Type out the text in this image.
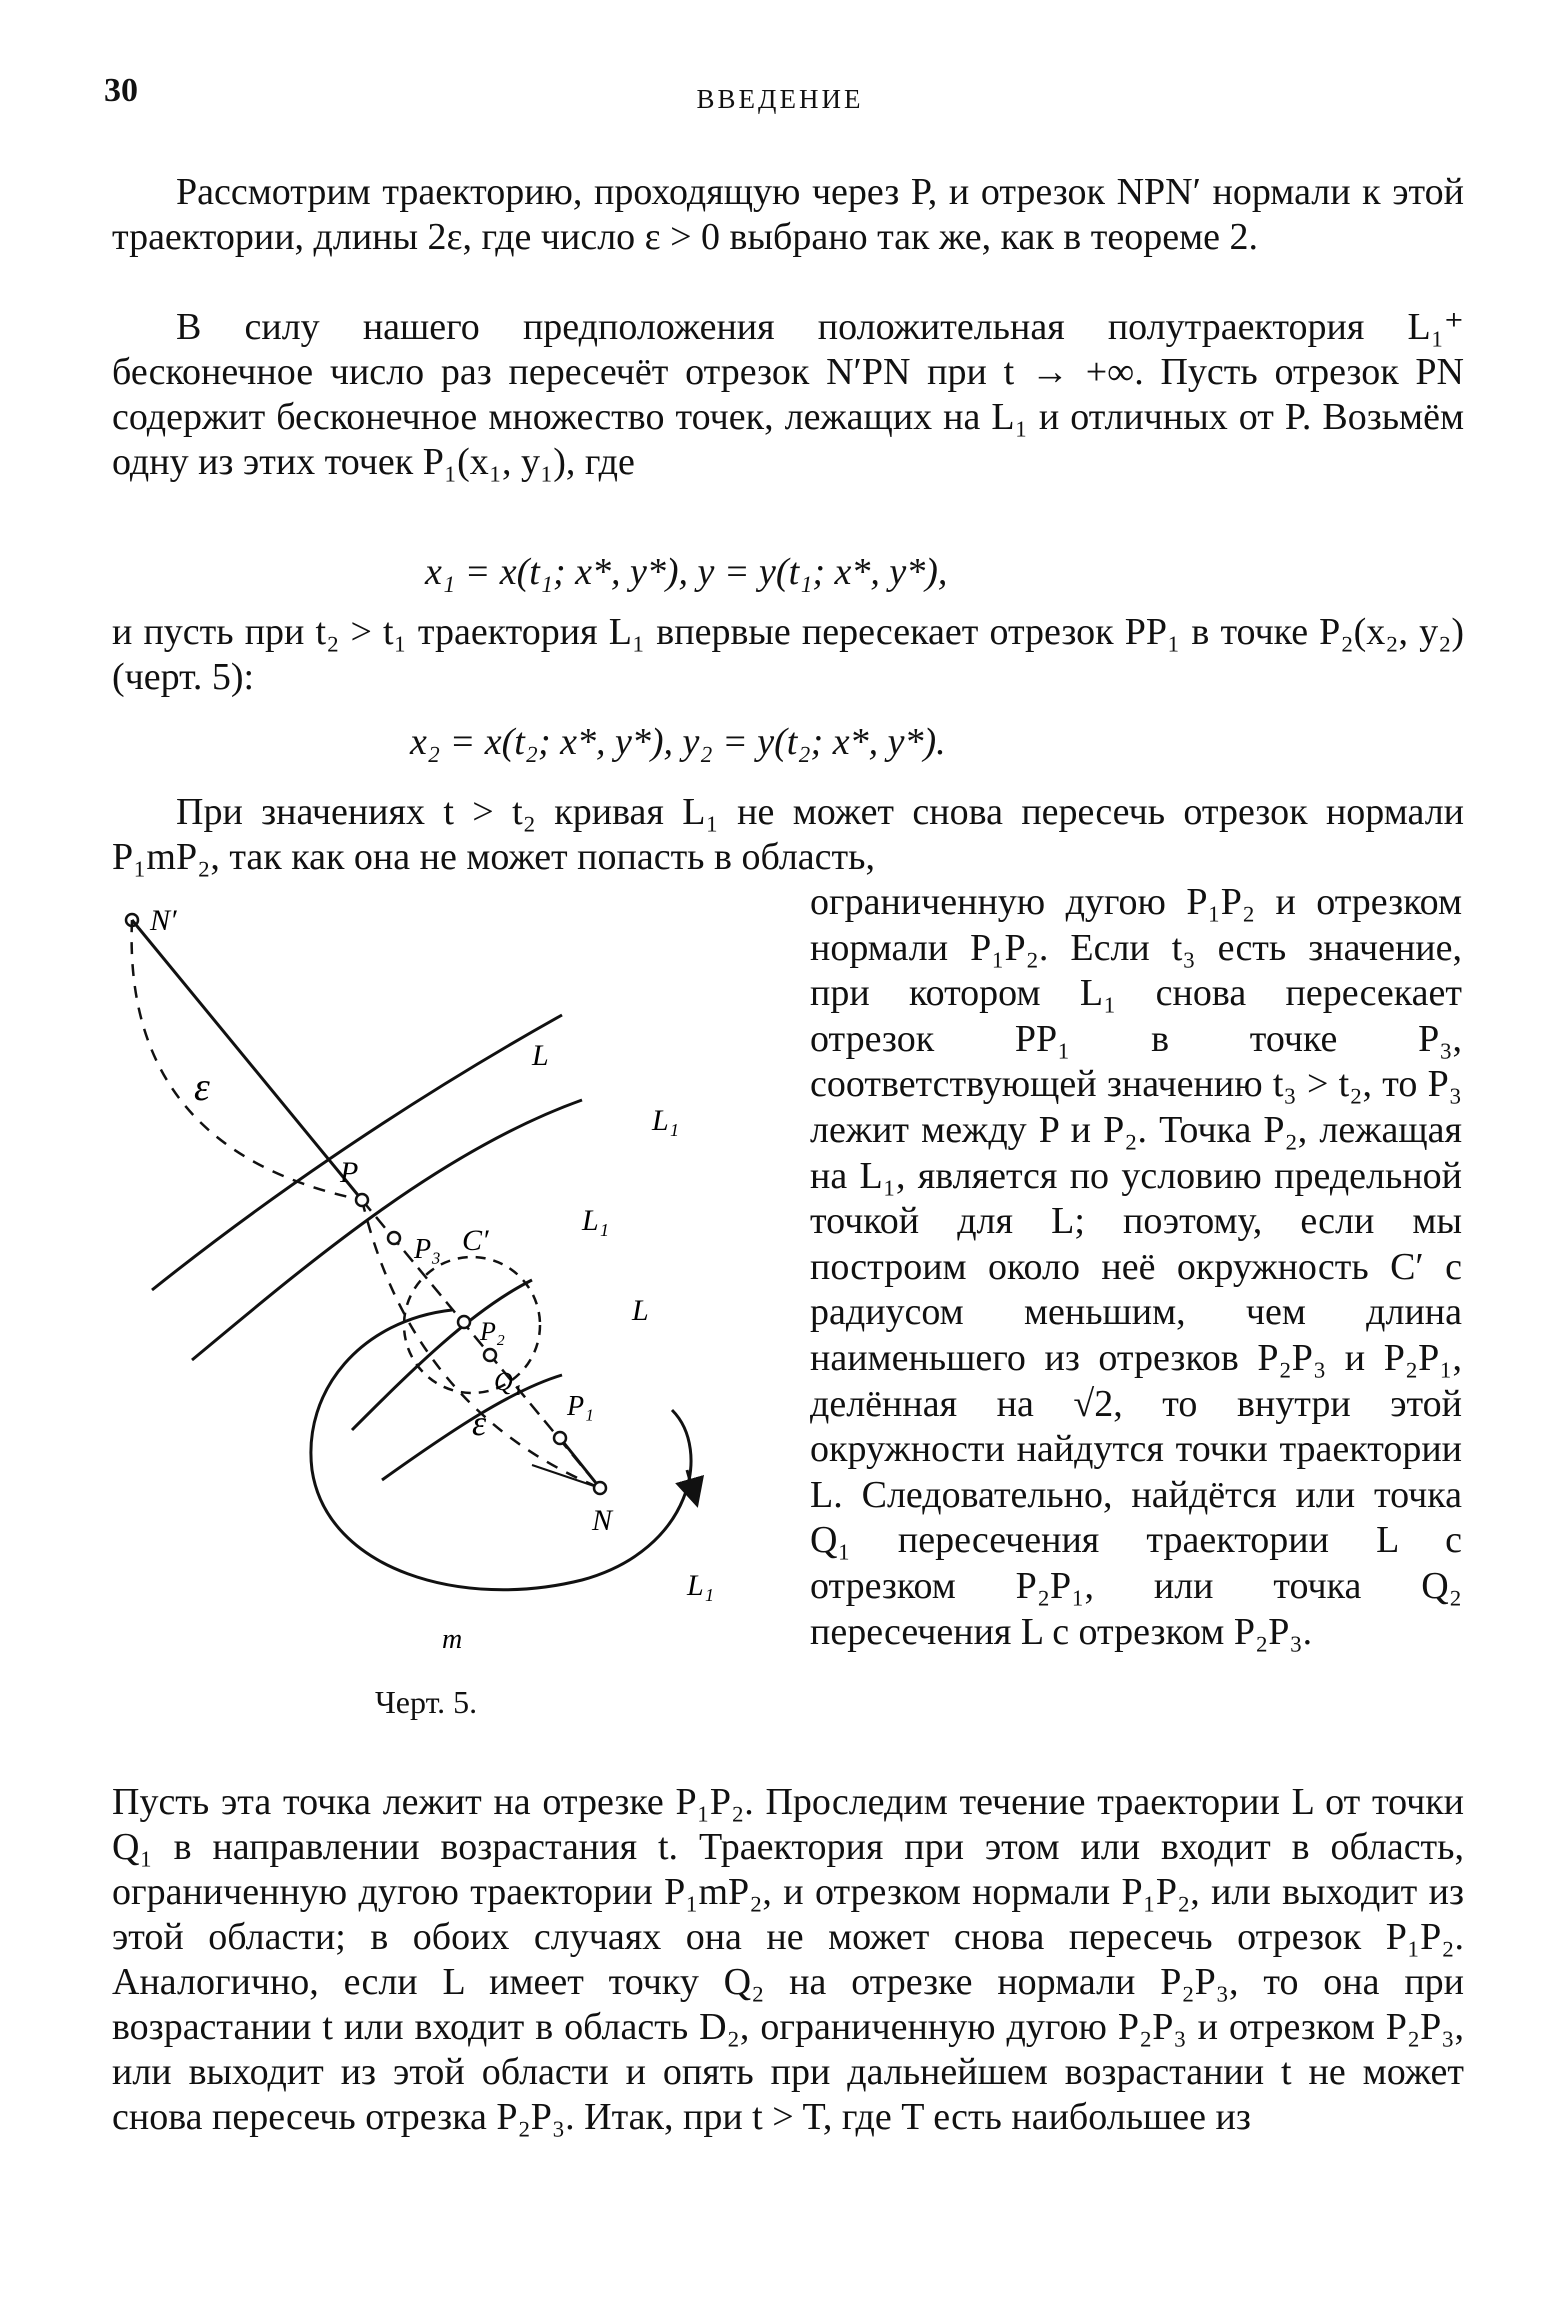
30	ВВЕДЕНИЕ
Рассмотрим траекторию, проходящую через P, и отрезок NPN′ нормали к этой траектории, длины 2ε, где число ε > 0 выбрано так же, как в теореме 2.
В силу нашего предположения положительная полутраектория L₁⁺ бесконечное число раз пересечёт отрезок N′PN при t → +∞. Пусть отрезок PN содержит бесконечное множество точек, лежащих на L₁ и отличных от P. Возьмём одну из этих точек P₁(x₁, y₁), где
x₁ = x(t₁; x*, y*), y = y(t₁; x*, y*),
и пусть при t₂ > t₁ траектория L₁ впервые пересекает отрезок PP₁ в точке P₂(x₂, y₂) (черт. 5):
x₂ = x(t₂; x*, y*), y₂ = y(t₂; x*, y*).
При значениях t > t₂ кривая L₁ не может снова пересечь отрезок нормали P₁mP₂, так как она не может попасть в область,
ограниченную дугою P₁P₂ и отрезком нормали P₁P₂. Если t₃ есть значение, при котором L₁ снова пересекает отрезок PP₁ в точке P₃, соответствующей значению t₃ > t₂, то P₃ лежит между P и P₂. Точка P₂, лежащая на L₁, является по условию предельной точкой для L; поэтому, если мы построим около неё окружность C′ с радиусом меньшим, чем длина наименьшего из отрезков P₂P₃ и P₂P₁, делённая на √2, то внутри этой окружности найдутся точки траектории L. Следовательно, найдётся или точка Q₁ пересечения траектории L с отрезком P₂P₁, или точка Q₂ пересечения L с отрезком P₂P₃.
N′
ε
L
L₁
P
P₃ C′
L₁
L
P₂
Q₁
ε	P₁
N
L₁
m
Черт. 5.
Пусть эта точка лежит на отрезке P₁P₂. Проследим течение траектории L от точки Q₁ в направлении возрастания t. Траектория при этом или входит в область, ограниченную дугою траектории P₁mP₂, и отрезком нормали P₁P₂, или выходит из этой области; в обоих случаях она не может снова пересечь отрезок P₁P₂. Аналогично, если L имеет точку Q₂ на отрезке нормали P₂P₃, то она при возрастании t или входит в область D₂, ограниченную дугою P₂P₃ и отрезком P₂P₃, или выходит из этой области и опять при дальнейшем возрастании t не может снова пересечь отрезка P₂P₃. Итак, при t > T, где T есть наибольшее из
